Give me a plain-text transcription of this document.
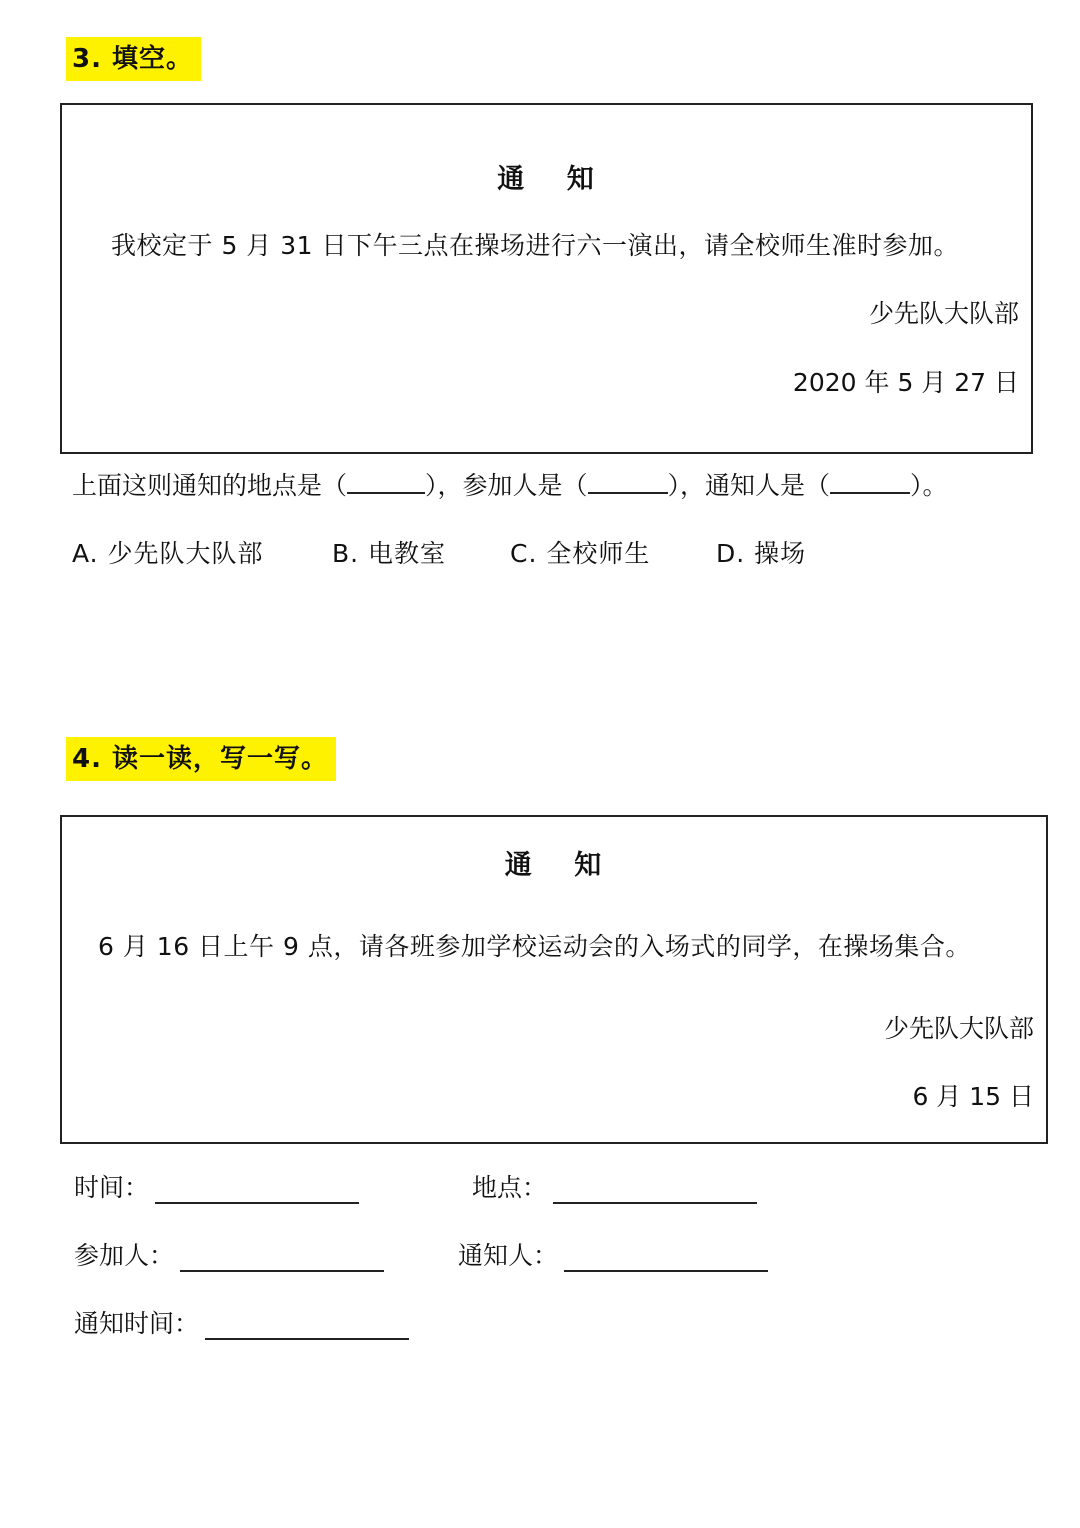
3. 填空。
通　 知
我校定于 5 月 31 日下午三点在操场进行六一演出，请全校师生准时参加。
少先队大队部
2020 年 5 月 27 日
上面这则通知的地点是（	），参加人是（	），通知人是（	）。
A. 少先队大队部	B. 电教室	C. 全校师生	D. 操场
4. 读一读，写一写。
通　 知
6 月 16 日上午 9 点，请各班参加学校运动会的入场式的同学，在操场集合。
少先队大队部
6 月 15 日
时间：	地点：
参加人：	通知人：
通知时间：
